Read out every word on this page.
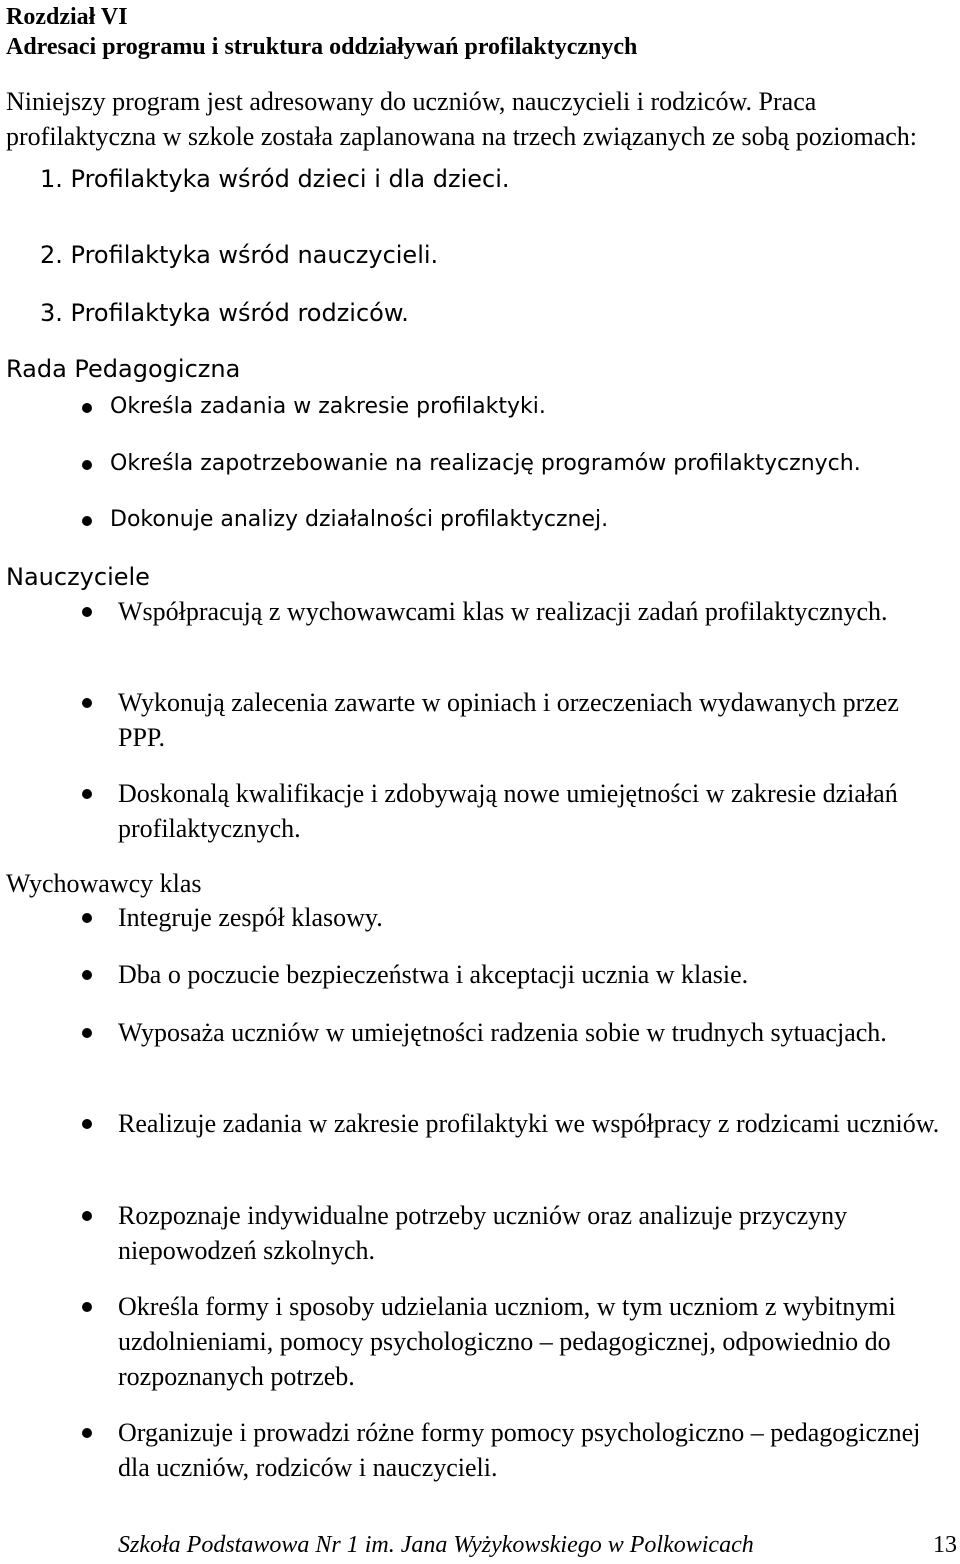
Rozdział VI
Adresaci programu i struktura oddziaływań profilaktycznych
Niniejszy program jest adresowany do uczniów, nauczycieli i rodziców. Praca profilaktyczna w szkole została zaplanowana na trzech związanych ze sobą poziomach:
1. Profilaktyka wśród dzieci i dla dzieci.
2. Profilaktyka wśród nauczycieli.
3. Profilaktyka wśród rodziców.
Rada Pedagogiczna
Określa zadania w zakresie profilaktyki.
Określa zapotrzebowanie na realizację programów profilaktycznych.
Dokonuje analizy działalności profilaktycznej.
Nauczyciele
Współpracują z wychowawcami klas w realizacji zadań profilaktycznych.
Wykonują zalecenia zawarte w opiniach i orzeczeniach wydawanych przez PPP.
Doskonalą kwalifikacje i zdobywają nowe umiejętności w zakresie działań profilaktycznych.
Wychowawcy klas
Integruje zespół klasowy.
Dba o poczucie bezpieczeństwa i akceptacji ucznia w klasie.
Wyposaża uczniów w umiejętności radzenia sobie w trudnych sytuacjach.
Realizuje zadania w zakresie profilaktyki we współpracy z rodzicami uczniów.
Rozpoznaje indywidualne potrzeby uczniów oraz analizuje przyczyny niepowodzeń szkolnych.
Określa formy i sposoby udzielania uczniom, w tym uczniom z wybitnymi uzdolnieniami, pomocy psychologiczno – pedagogicznej, odpowiednio do rozpoznanych potrzeb.
Organizuje i prowadzi różne formy pomocy psychologiczno – pedagogicznej dla uczniów, rodziców i nauczycieli.
Szkoła Podstawowa Nr 1 im. Jana Wyżykowskiego w Polkowicach	13
